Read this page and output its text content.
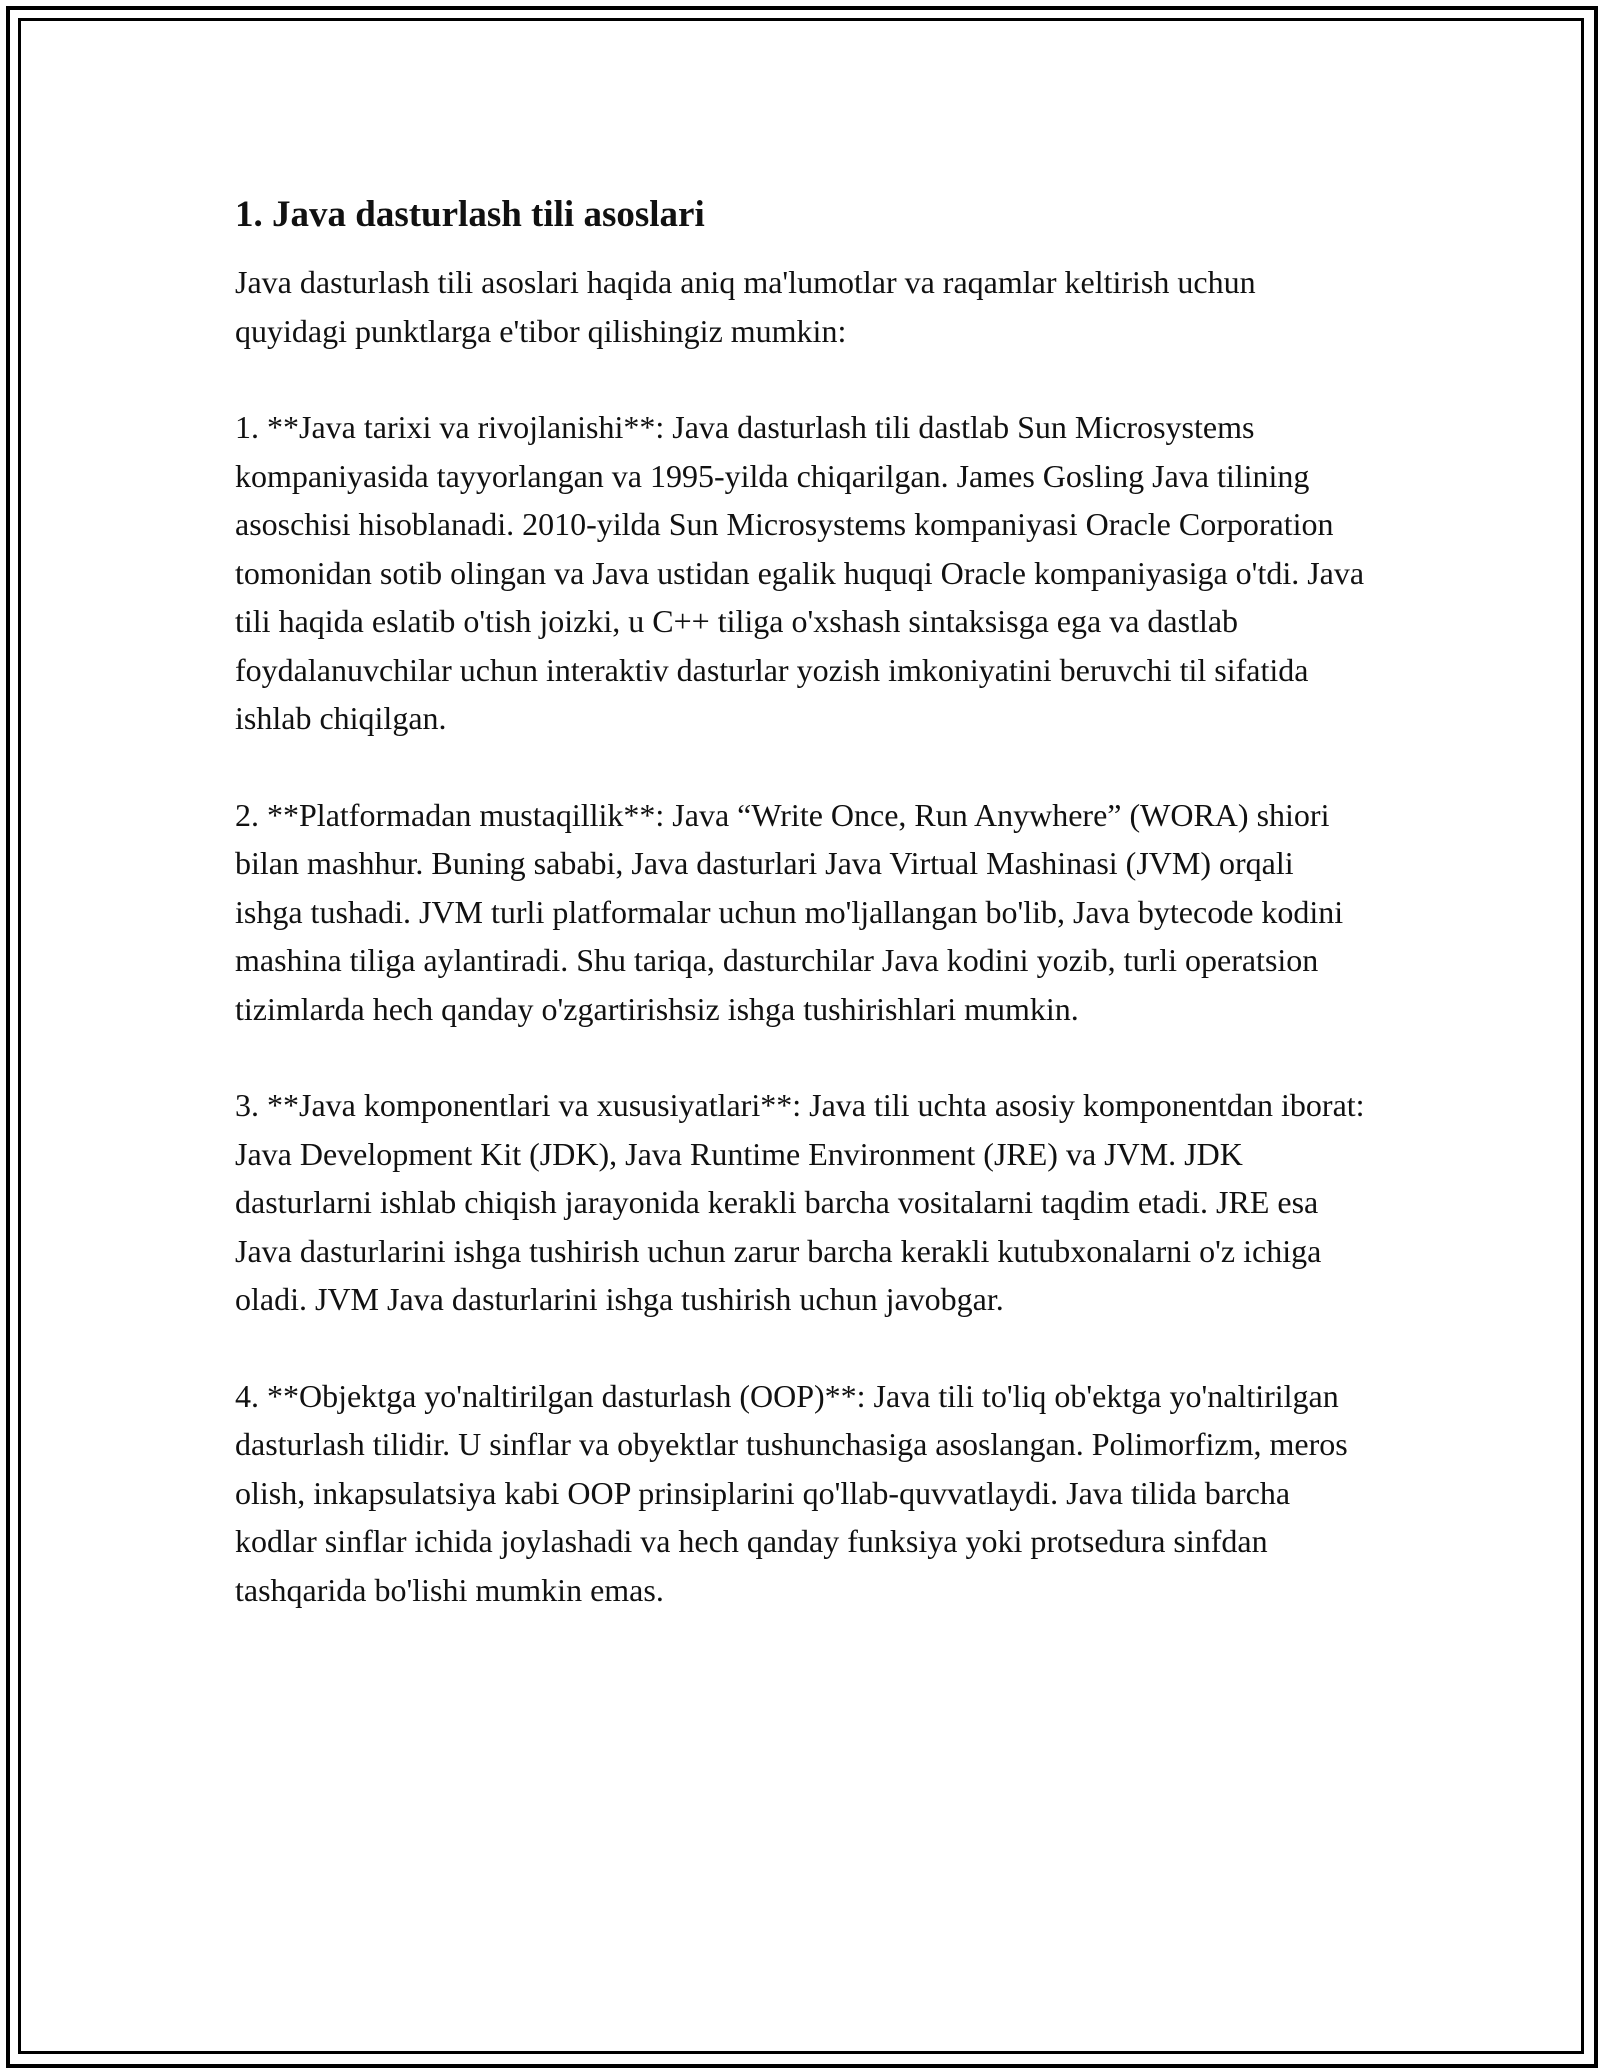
1. Java dasturlash tili asoslari

Java dasturlash tili asoslari haqida aniq ma'lumotlar va raqamlar keltirish uchun quyidagi punktlarga e'tibor qilishingiz mumkin:

1. **Java tarixi va rivojlanishi**: Java dasturlash tili dastlab Sun Microsystems kompaniyasida tayyorlangan va 1995-yilda chiqarilgan. James Gosling Java tilining asoschisi hisoblanadi. 2010-yilda Sun Microsystems kompaniyasi Oracle Corporation tomonidan sotib olingan va Java ustidan egalik huquqi Oracle kompaniyasiga o'tdi. Java tili haqida eslatib o'tish joizki, u C++ tiliga o'xshash sintaksisga ega va dastlab foydalanuvchilar uchun interaktiv dasturlar yozish imkoniyatini beruvchi til sifatida ishlab chiqilgan.

2. **Platformadan mustaqillik**: Java “Write Once, Run Anywhere” (WORA) shiori bilan mashhur. Buning sababi, Java dasturlari Java Virtual Mashinasi (JVM) orqali ishga tushadi. JVM turli platformalar uchun mo'ljallangan bo'lib, Java bytecode kodini mashina tiliga aylantiradi. Shu tariqa, dasturchilar Java kodini yozib, turli operatsion tizimlarda hech qanday o'zgartirishsiz ishga tushirishlari mumkin.

3. **Java komponentlari va xususiyatlari**: Java tili uchta asosiy komponentdan iborat: Java Development Kit (JDK), Java Runtime Environment (JRE) va JVM. JDK dasturlarni ishlab chiqish jarayonida kerakli barcha vositalarni taqdim etadi. JRE esa Java dasturlarini ishga tushirish uchun zarur barcha kerakli kutubxonalarni o'z ichiga oladi. JVM Java dasturlarini ishga tushirish uchun javobgar.

4. **Objektga yo'naltirilgan dasturlash (OOP)**: Java tili to'liq ob'ektga yo'naltirilgan dasturlash tilidir. U sinflar va obyektlar tushunchasiga asoslangan. Polimorfizm, meros olish, inkapsulatsiya kabi OOP prinsiplarini qo'llab-quvvatlaydi. Java tilida barcha kodlar sinflar ichida joylashadi va hech qanday funksiya yoki protsedura sinfdan tashqarida bo'lishi mumkin emas.
